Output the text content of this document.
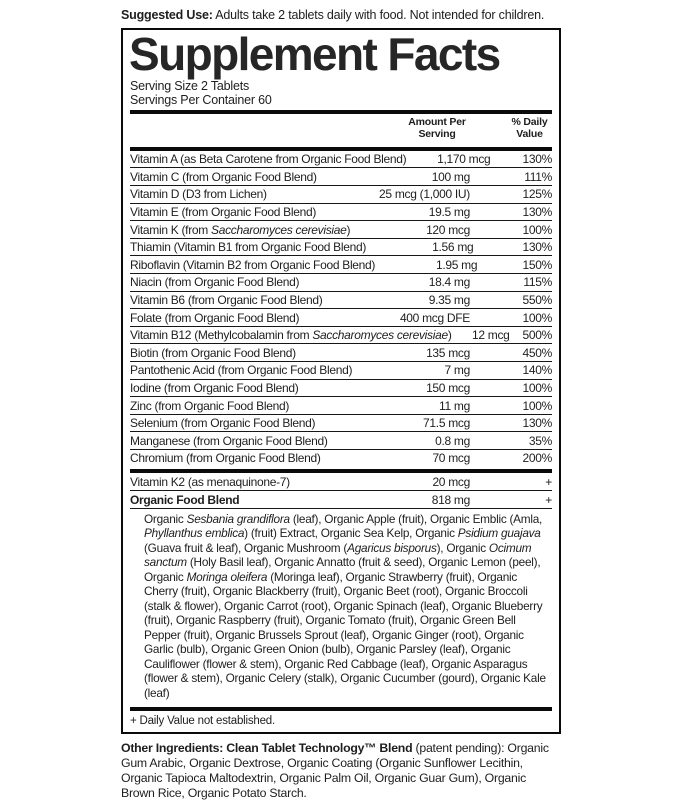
Suggested Use: Adults take 2 tablets daily with food. Not intended for children.
Supplement Facts
Serving Size 2 Tablets
Servings Per Container 60
Amount Per Serving
% Daily Value
Vitamin A (as Beta Carotene from Organic Food Blend)	1,170 mcg	130%
Vitamin C (from Organic Food Blend)	100 mg	111%
Vitamin D (D3 from Lichen)	25 mcg (1,000 IU)	125%
Vitamin E (from Organic Food Blend)	19.5 mg	130%
Vitamin K (from Saccharomyces cerevisiae)	120 mcg	100%
Thiamin (Vitamin B1 from Organic Food Blend)	1.56 mg	130%
Riboflavin (Vitamin B2 from Organic Food Blend)	1.95 mg	150%
Niacin (from Organic Food Blend)	18.4 mg	115%
Vitamin B6 (from Organic Food Blend)	9.35 mg	550%
Folate (from Organic Food Blend)	400 mcg DFE	100%
Vitamin B12 (Methylcobalamin from Saccharomyces cerevisiae)	12 mcg	500%
Biotin (from Organic Food Blend)	135 mcg	450%
Pantothenic Acid (from Organic Food Blend)	7 mg	140%
Iodine (from Organic Food Blend)	150 mcg	100%
Zinc (from Organic Food Blend)	11 mg	100%
Selenium (from Organic Food Blend)	71.5 mcg	130%
Manganese (from Organic Food Blend)	0.8 mg	35%
Chromium (from Organic Food Blend)	70 mcg	200%
Vitamin K2 (as menaquinone-7)	20 mcg	+
Organic Food Blend	818 mg	+
Organic Sesbania grandiflora (leaf), Organic Apple (fruit), Organic Emblic (Amla, Phyllanthus emblica) (fruit) Extract, Organic Sea Kelp, Organic Psidium guajava (Guava fruit & leaf), Organic Mushroom (Agaricus bisporus), Organic Ocimum sanctum (Holy Basil leaf), Organic Annatto (fruit & seed), Organic Lemon (peel), Organic Moringa oleifera (Moringa leaf), Organic Strawberry (fruit), Organic Cherry (fruit), Organic Blackberry (fruit), Organic Beet (root), Organic Broccoli (stalk & flower), Organic Carrot (root), Organic Spinach (leaf), Organic Blueberry (fruit), Organic Raspberry (fruit), Organic Tomato (fruit), Organic Green Bell Pepper (fruit), Organic Brussels Sprout (leaf), Organic Ginger (root), Organic Garlic (bulb), Organic Green Onion (bulb), Organic Parsley (leaf), Organic Cauliflower (flower & stem), Organic Red Cabbage (leaf), Organic Asparagus (flower & stem), Organic Celery (stalk), Organic Cucumber (gourd), Organic Kale (leaf)
+ Daily Value not established.
Other Ingredients: Clean Tablet Technology™ Blend (patent pending): Organic Gum Arabic, Organic Dextrose, Organic Coating (Organic Sunflower Lecithin, Organic Tapioca Maltodextrin, Organic Palm Oil, Organic Guar Gum), Organic Brown Rice, Organic Potato Starch.
